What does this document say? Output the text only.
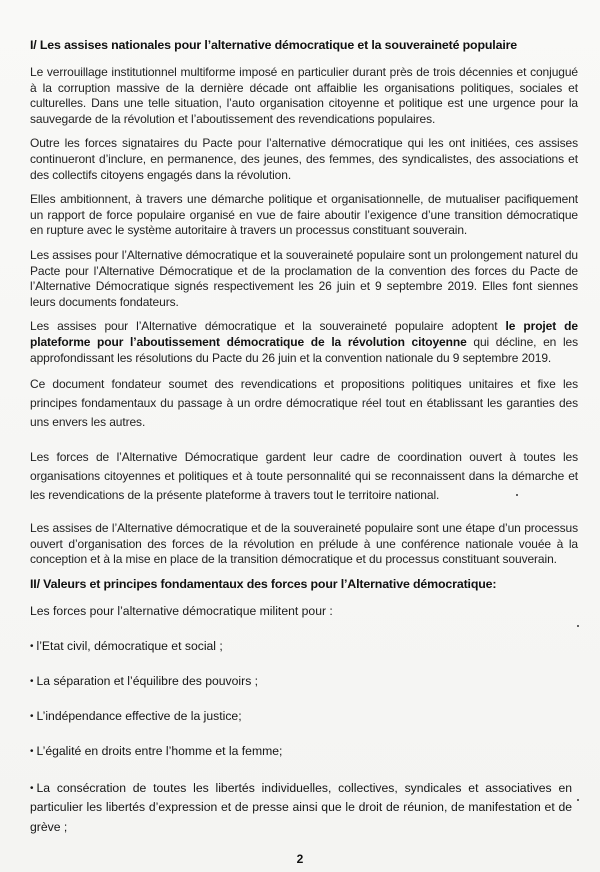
I/ Les assises nationales pour l’alternative démocratique et la souveraineté populaire

Le verrouillage institutionnel multiforme imposé en particulier durant près de trois décennies et conjugué à la corruption massive de la dernière décade ont affaiblie les organisations politiques, sociales et culturelles. Dans une telle situation, l’auto organisation citoyenne et politique est une urgence pour la sauvegarde de la révolution et l’aboutissement des revendications populaires.

Outre les forces signataires du Pacte pour l’alternative démocratique qui les ont initiées, ces assises continueront d’inclure, en permanence, des jeunes, des femmes, des syndicalistes, des associations et des collectifs citoyens engagés dans la révolution.

Elles ambitionnent, à travers une démarche politique et organisationnelle, de mutualiser pacifiquement un rapport de force populaire organisé en vue de faire aboutir l’exigence d’une transition démocratique en rupture avec le système autoritaire à travers un processus constituant souverain.

Les assises pour l’Alternative démocratique et la souveraineté populaire sont un prolongement naturel du Pacte pour l’Alternative Démocratique et de la proclamation de la convention des forces du Pacte de l’Alternative Démocratique signés respectivement les 26 juin et 9 septembre 2019. Elles font siennes leurs documents fondateurs.

Les assises pour l’Alternative démocratique et la souveraineté populaire adoptent le projet de plateforme pour l’aboutissement démocratique de la révolution citoyenne qui décline, en les approfondissant les résolutions du Pacte du 26 juin et la convention nationale du 9 septembre 2019.

Ce document fondateur soumet des revendications et propositions politiques unitaires et fixe les principes fondamentaux du passage à un ordre démocratique réel tout en établissant les garanties des uns envers les autres.

Les forces de l’Alternative Démocratique gardent leur cadre de coordination ouvert à toutes les organisations citoyennes et politiques et à toute personnalité qui se reconnaissent dans la démarche et les revendications de la présente plateforme à travers tout le territoire national.

Les assises de l’Alternative démocratique et de la souveraineté populaire sont une étape d’un processus ouvert d’organisation des forces de la révolution en prélude à une conférence nationale vouée à la conception et à la mise en place de la transition démocratique et du processus constituant souverain.

II/ Valeurs et principes fondamentaux des forces pour l’Alternative démocratique:
Les forces pour l’alternative démocratique militent pour :
• l’Etat civil, démocratique et social ;
• La séparation et l’équilibre des pouvoirs ;
• L’indépendance effective de la justice;
• L’égalité en droits entre l’homme et la femme;
• La consécration de toutes les libertés individuelles, collectives, syndicales et associatives en particulier les libertés d’expression et de presse ainsi que le droit de réunion, de manifestation et de grève ;
2
